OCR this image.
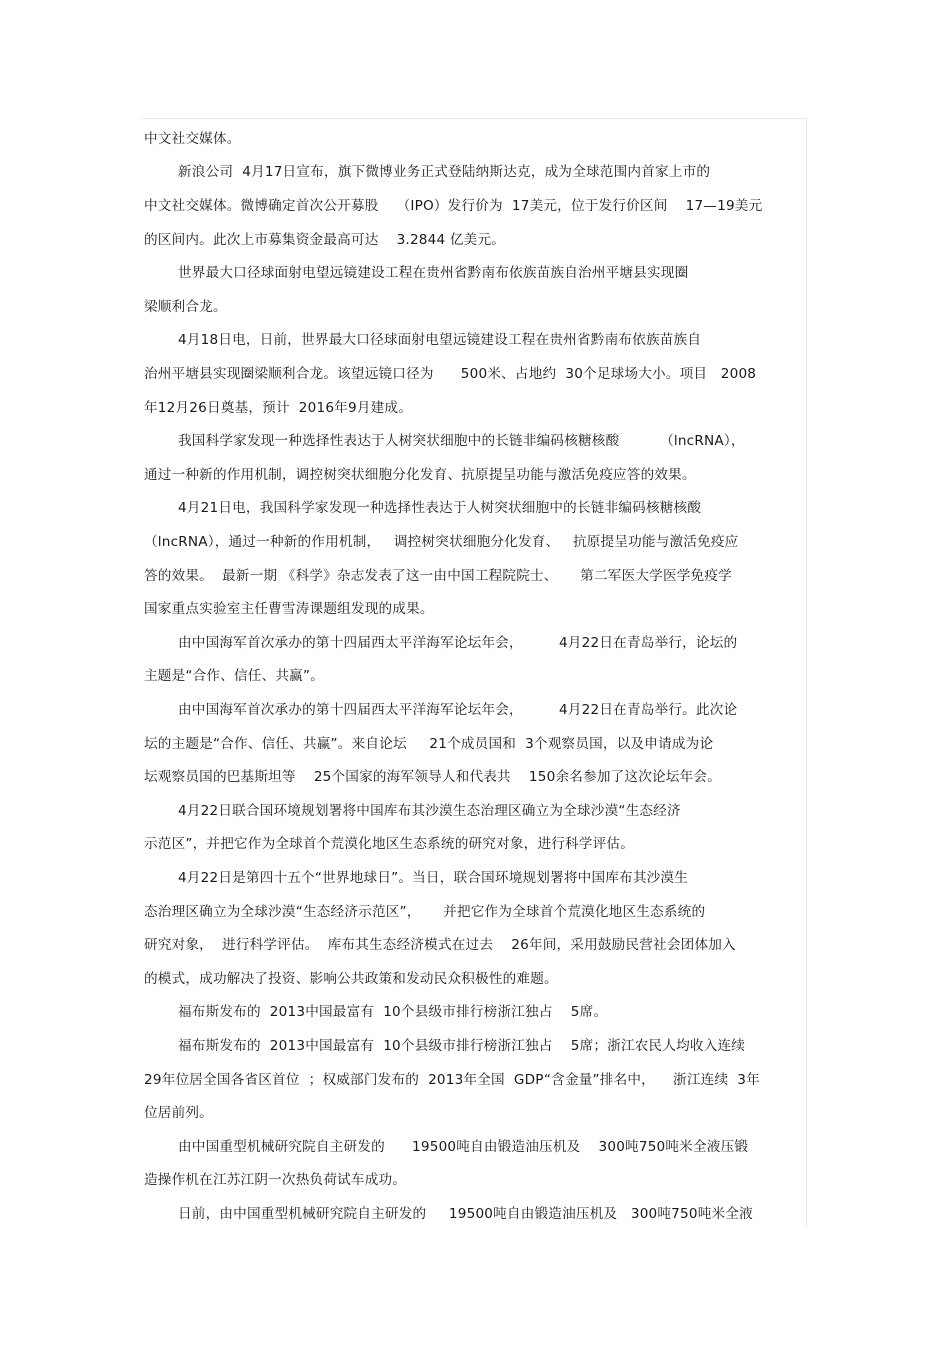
中文社交媒体。
新浪公司  4月17日宣布，旗下微博业务正式登陆纳斯达克，成为全球范围内首家上市的
中文社交媒体。微博确定首次公开募股    （IPO）发行价为  17美元，位于发行价区间    17—19美元
的区间内。此次上市募集资金最高可达    3.2844 亿美元。
世界最大口径球面射电望远镜建设工程在贵州省黔南布依族苗族自治州平塘县实现圈
梁顺利合龙。
4月18日电，日前，世界最大口径球面射电望远镜建设工程在贵州省黔南布依族苗族自
治州平塘县实现圈梁顺利合龙。该望远镜口径为      500米、占地约  30个足球场大小。项目   2008
年12月26日奠基，预计  2016年9月建成。
我国科学家发现一种选择性表达于人树突状细胞中的长链非编码核糖核酸         （lncRNA），
通过一种新的作用机制，调控树突状细胞分化发育、抗原提呈功能与激活免疫应答的效果。
4月21日电，我国科学家发现一种选择性表达于人树突状细胞中的长链非编码核糖核酸
（lncRNA），通过一种新的作用机制，   调控树突状细胞分化发育、   抗原提呈功能与激活免疫应
答的效果。  最新一期 《科学》杂志发表了这一由中国工程院院士、     第二军医大学医学免疫学
国家重点实验室主任曹雪涛课题组发现的成果。
由中国海军首次承办的第十四届西太平洋海军论坛年会，        4月22日在青岛举行，论坛的
主题是“合作、信任、共赢”。
由中国海军首次承办的第十四届西太平洋海军论坛年会，        4月22日在青岛举行。此次论
坛的主题是“合作、信任、共赢”。来自论坛     21个成员国和  3个观察员国，以及申请成为论
坛观察员国的巴基斯坦等    25个国家的海军领导人和代表共    150余名参加了这次论坛年会。
4月22日联合国环境规划署将中国库布其沙漠生态治理区确立为全球沙漠“生态经济
示范区”，并把它作为全球首个荒漠化地区生态系统的研究对象，进行科学评估。
4月22日是第四十五个“世界地球日”。当日，联合国环境规划署将中国库布其沙漠生
态治理区确立为全球沙漠“生态经济示范区”，     并把它作为全球首个荒漠化地区生态系统的
研究对象，  进行科学评估。  库布其生态经济模式在过去    26年间，采用鼓励民营社会团体加入
的模式，成功解决了投资、影响公共政策和发动民众积极性的难题。
福布斯发布的  2013中国最富有  10个县级市排行榜浙江独占    5席。
福布斯发布的  2013中国最富有  10个县级市排行榜浙江独占    5席；浙江农民人均收入连续
29年位居全国各省区首位  ；权威部门发布的  2013年全国  GDP“含金量”排名中，    浙江连续  3年
位居前列。
由中国重型机械研究院自主研发的      19500吨自由锻造油压机及    300吨750吨米全液压锻
造操作机在江苏江阴一次热负荷试车成功。
日前，由中国重型机械研究院自主研发的     19500吨自由锻造油压机及   300吨750吨米全液
